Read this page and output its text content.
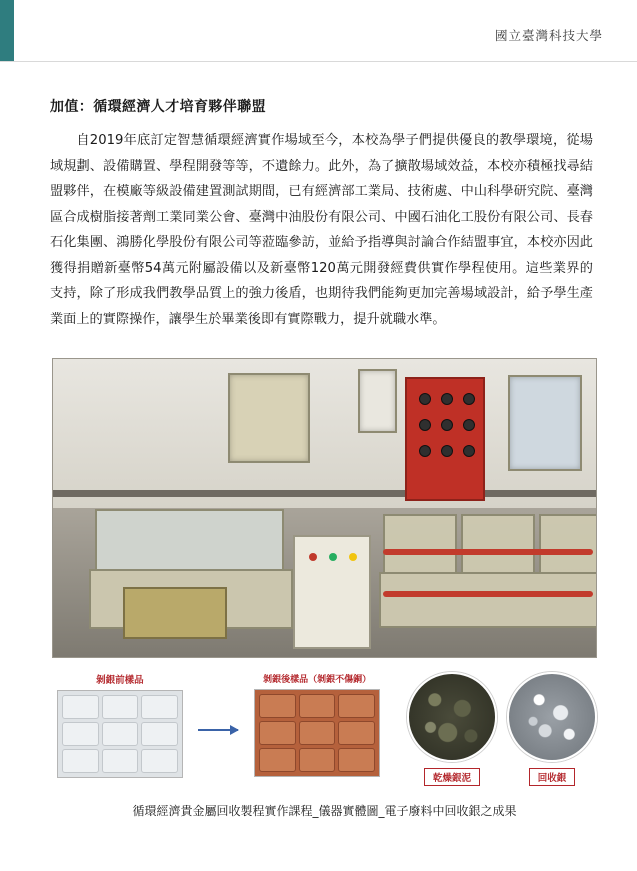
國立臺灣科技大學
加值：循環經濟人才培育夥伴聯盟
自2019年底訂定智慧循環經濟實作場域至今，本校為學子們提供優良的教學環境，從場域規劃、設備購置、學程開發等等，不遺餘力。此外，為了擴散場域效益，本校亦積極找尋結盟夥伴，在模廠等級設備建置測試期間，已有經濟部工業局、技術處、中山科學研究院、臺灣區合成樹脂接著劑工業同業公會、臺灣中油股份有限公司、中國石油化工股份有限公司、長春石化集團、鴻勝化學股份有限公司等蒞臨參訪，並給予指導與討論合作結盟事宜，本校亦因此獲得捐贈新臺幣54萬元附屬設備以及新臺幣120萬元開發經費供實作學程使用。這些業界的支持，除了形成我們教學品質上的強力後盾，也期待我們能夠更加完善場域設計，給予學生產業面上的實際操作，讓學生於畢業後即有實際戰力，提升就職水準。
剝銀前樣品	剝銀後樣品（剝銀不傷銅）
乾燥銀泥	回收銀
循環經濟貴金屬回收製程實作課程_儀器實體圖_電子廢料中回收銀之成果
